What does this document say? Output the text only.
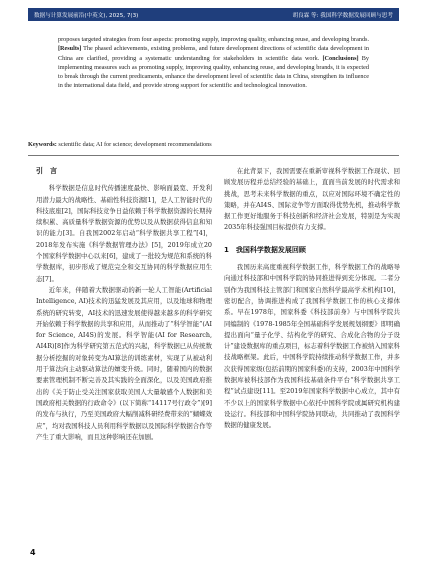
数据与计算发展前沿(中英文), 2025, 7(3)	胡良霖 等: 我国科学数据发展回顾与思考

proposes targeted strategies from four aspects: promoting supply, improving quality, enhancing reuse, and developing brands. [Results] The phased achievements, existing problems, and future development directions of scientific data development in China are clarified, providing a systematic understanding for stakeholders in scientific data work. [Conclusions] By implementing measures such as promoting supply, improving quality, enhancing reuse, and developing brands, it is expected to break through the current predicaments, enhance the development level of scientific data in China, strengthen its influence in the international data field, and provide strong support for scientific and technological innovation.

Keywords: scientific data; AI for science; development recommendations
引　言

科学数据是信息时代传播速度最快、影响面最宽、开发利用潜力最大的战略性、基础性科技资源[1]，是人工智能时代的科技底座[2]，国际科技竞争日益依赖于科学数据资源的长期持续积累、高质量科学数据资源的优势以及从数据获得信息和知识的能力[3]。自我国2002年启动“科学数据共享工程”[4]，2018年发布实施《科学数据管理办法》[5]，2019年成立20个国家科学数据中心以来[6]，建成了一批较为规范和系统的科学数据库，初步形成了规范完全和交互协同的科学数据应用生态[7]。

近年来，伴随着大数据驱动的新一轮人工智能(Artificial Intelligence, AI)技术的迅猛发展及其应用，以及地球和物理系统的研究转变，AI技术的迅速发展使得越来越多的科学研究开始依赖于科学数据的共享和应用，从而推动了“科学智能”(AI for Science, AI4S)的发展。科学智能(AI for Research, AI4R)[8]作为科学研究第五范式的兴起，科学数据已从传统数据分析挖掘的对象转变为AI算法的训练素材，实现了从被动利用于算法向主动驱动算法的嬗变升级。同时，随着国内的数据要素管理机制不断完善及其实践的全面深化，以及美国政府推出的《关于防止受关注国家获取美国人大量敏感个人数据和美国政府相关数据的行政命令》(以下简称“14117号行政令”)[9]的发布与执行，乃至美国政府大幅削减科研经费带来的“蝴蝶效应”，均对我国科技人员利用科学数据以及国际科学数据合作等产生了重大影响，而且这种影响还在加剧。

在此背景下，我国需要在重新审视科学数据工作现状、回顾发展历程并总结经验的基础上，直面当前发展的时代需求和挑战，思考未来科学数据的重点，以应对国际环境不确定性的策略，并在AI4S、国际竞争等方面取得优势先机，推动科学数据工作更好地服务于科技创新和经济社会发展，特别是为实现2035年科技强国目标提供有力支撑。

1　我国科学数据发展回顾

我国历来高度重视科学数据工作，科学数据工作的战略导向通过科技部和中国科学院的协同推进得到充分体现。二者分别作为我国科技主管部门和国家自然科学最高学术机构[10]，密切配合，协调推进构成了我国科学数据工作的核心支撑体系。早在1978年，国家科委《科技部前身》与中国科学院共同编制的《1978-1985年全国基础科学发展规划纲要》即明确提出面向“量子化学、结构化学的研究、合成化合物的分子设计”建设数据库的重点项目，标志着科学数据工作被纳入国家科技战略框架。此后，中国科学院持续推动科学数据工作，并多次获得国家级(包括前期的国家科委)的支持，2003年中国科学数据库被科技部作为我国科技基础条件平台“科学数据共享工程”试点建设[11]。至2019年国家科学数据中心成立，其中有不少以上的国家科学数据中心依托中国科学院或属研究机构建设运行。科技部和中国科学院协同联动，共同推动了我国科学数据的健康发展。

4
